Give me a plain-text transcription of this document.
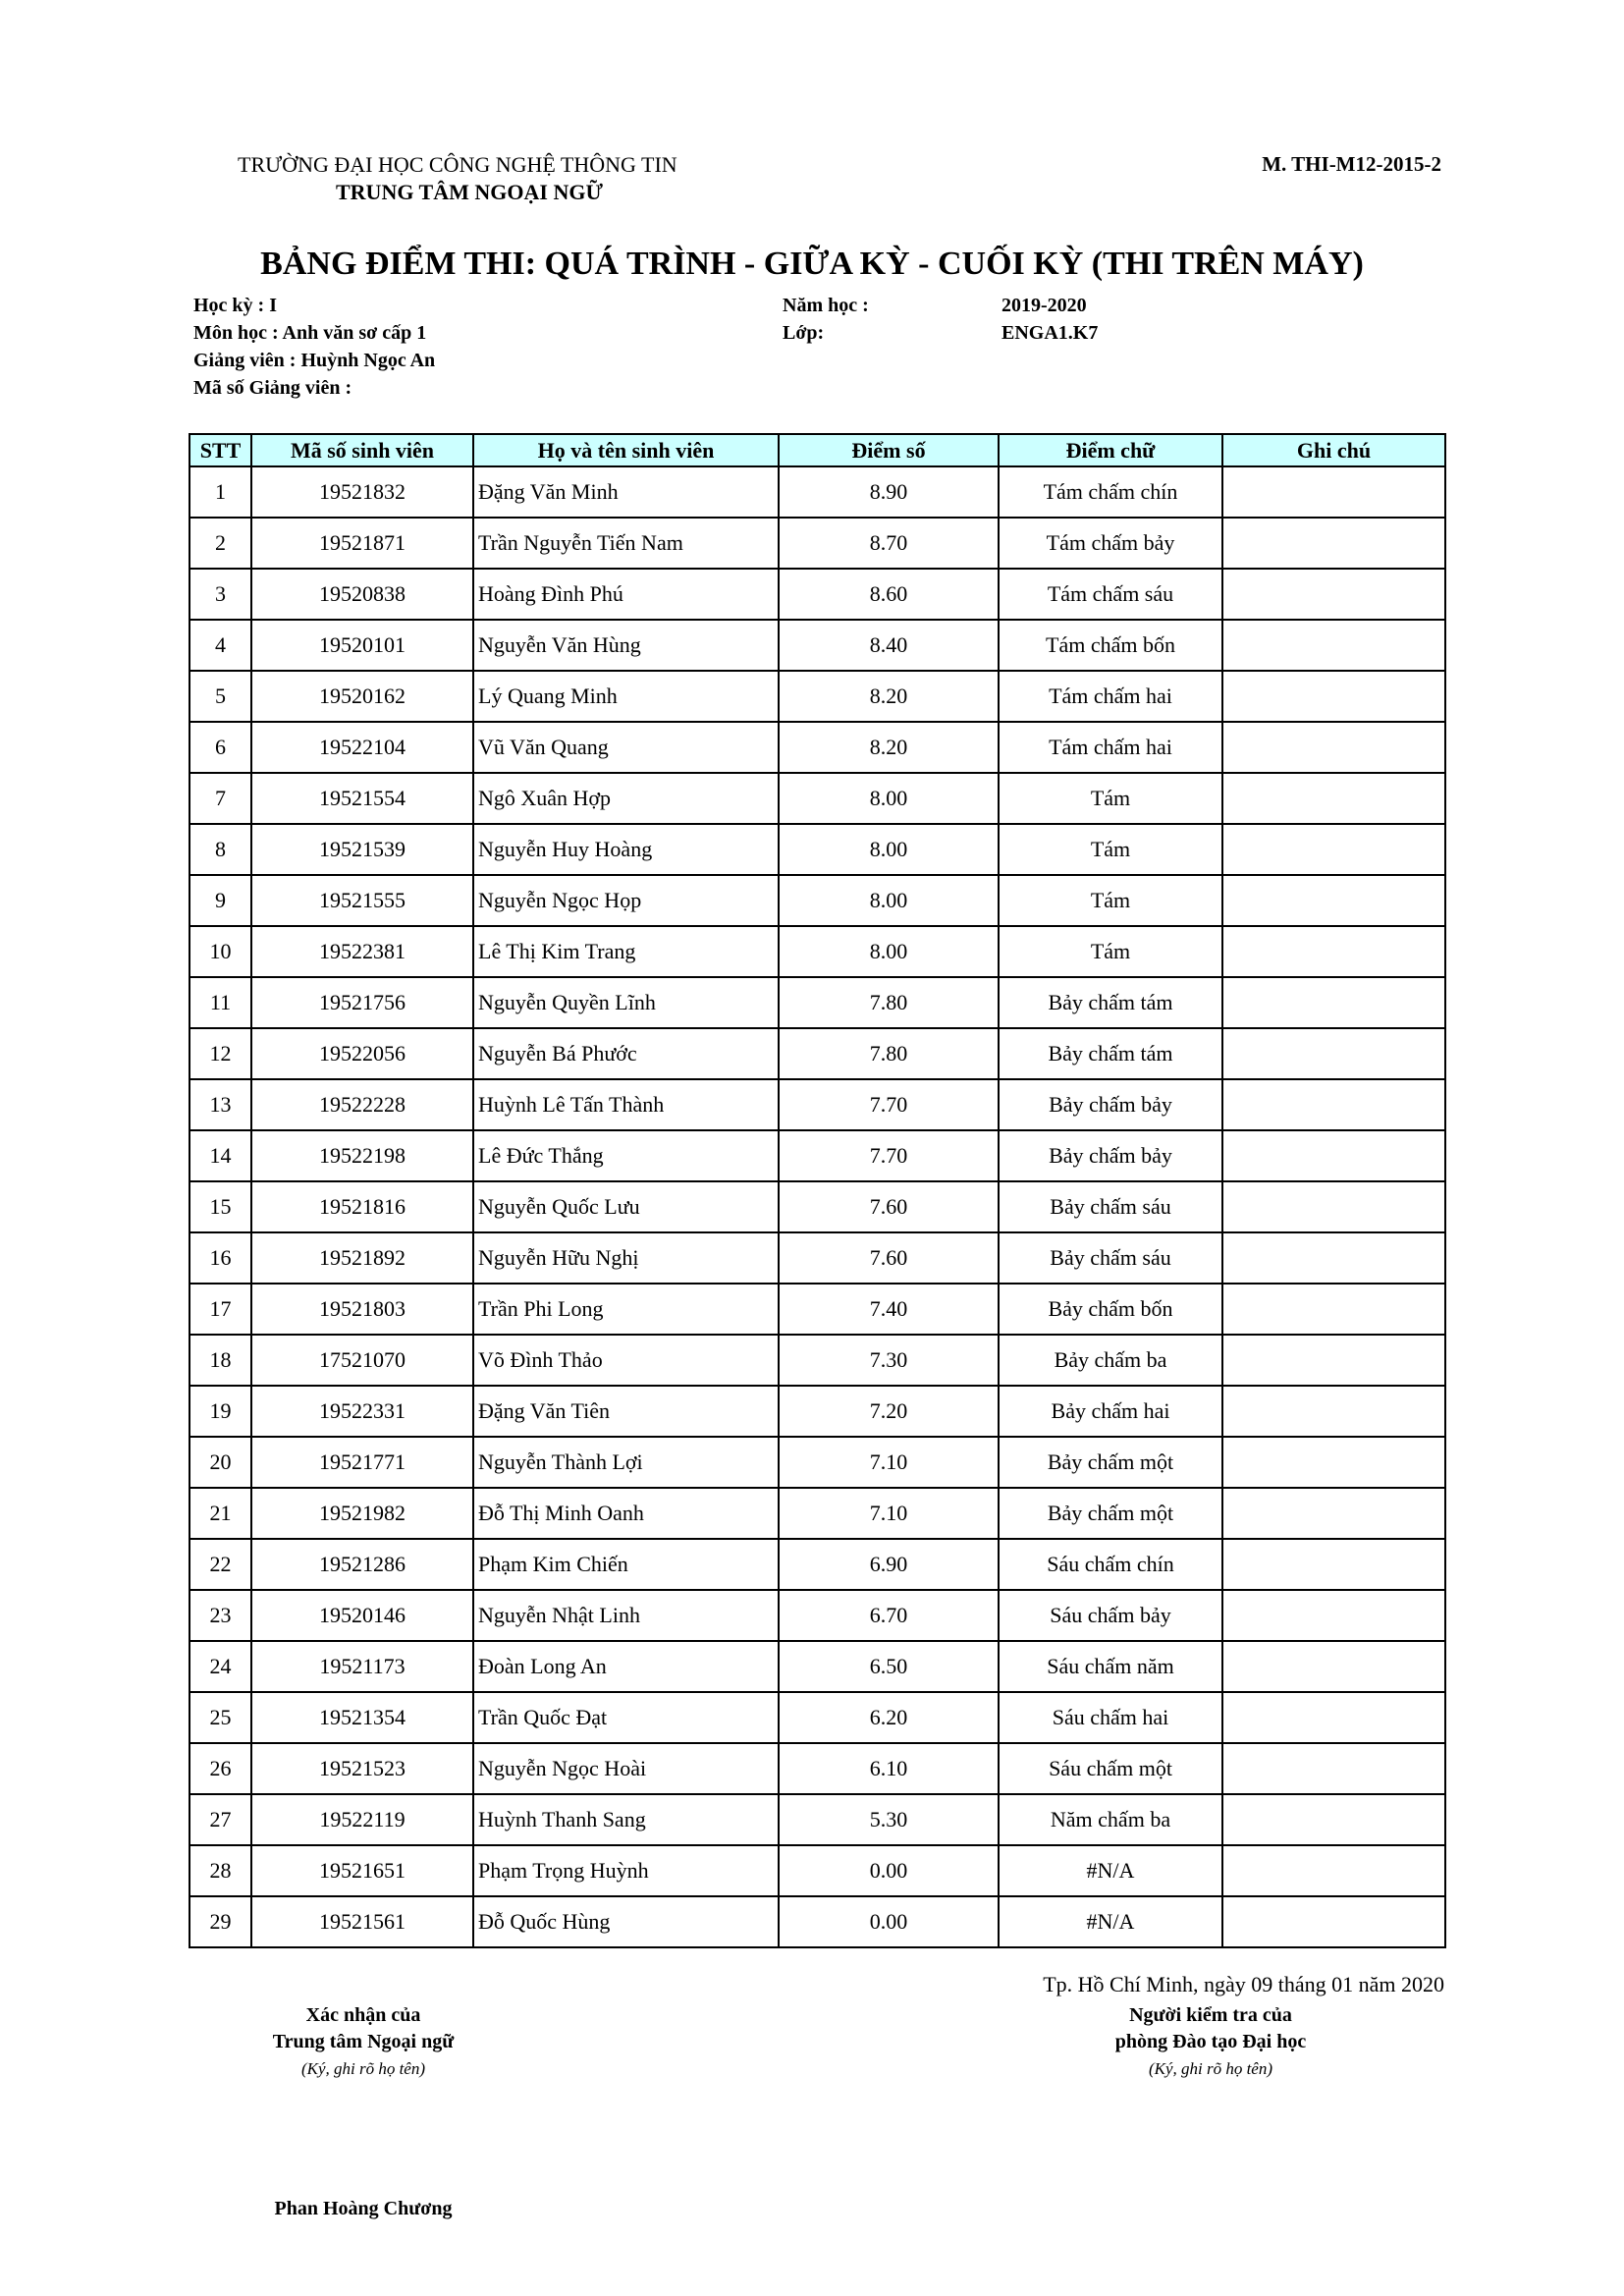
TRƯỜNG ĐẠI HỌC CÔNG NGHỆ THÔNG TIN
TRUNG TÂM NGOẠI NGỮ
M. THI-M12-2015-2
BẢNG ĐIỂM THI: QUÁ TRÌNH - GIỮA KỲ - CUỐI KỲ (THI TRÊN MÁY)
Học kỳ : I
Môn học : Anh văn sơ cấp 1
Giảng viên : Huỳnh Ngọc An
Mã số Giảng viên :
Năm học :	2019-2020
Lớp:	ENGA1.K7
STT	Mã số sinh viên	Họ và tên sinh viên	Điểm số	Điểm chữ	Ghi chú
1	19521832	Đặng Văn Minh	8.90	Tám chấm chín	
2	19521871	Trần Nguyễn Tiến Nam	8.70	Tám chấm bảy	
3	19520838	Hoàng Đình Phú	8.60	Tám chấm sáu	
4	19520101	Nguyễn Văn Hùng	8.40	Tám chấm bốn	
5	19520162	Lý Quang Minh	8.20	Tám chấm hai	
6	19522104	Vũ Văn Quang	8.20	Tám chấm hai	
7	19521554	Ngô Xuân Hợp	8.00	Tám	
8	19521539	Nguyễn Huy Hoàng	8.00	Tám	
9	19521555	Nguyễn Ngọc Họp	8.00	Tám	
10	19522381	Lê Thị Kim Trang	8.00	Tám	
11	19521756	Nguyễn Quyền Lĩnh	7.80	Bảy chấm tám	
12	19522056	Nguyễn Bá Phước	7.80	Bảy chấm tám	
13	19522228	Huỳnh Lê Tấn Thành	7.70	Bảy chấm bảy	
14	19522198	Lê Đức Thắng	7.70	Bảy chấm bảy	
15	19521816	Nguyễn Quốc Lưu	7.60	Bảy chấm sáu	
16	19521892	Nguyễn Hữu Nghị	7.60	Bảy chấm sáu	
17	19521803	Trần Phi Long	7.40	Bảy chấm bốn	
18	17521070	Võ Đình Thảo	7.30	Bảy chấm ba	
19	19522331	Đặng Văn Tiên	7.20	Bảy chấm hai	
20	19521771	Nguyễn Thành Lợi	7.10	Bảy chấm một	
21	19521982	Đỗ Thị Minh Oanh	7.10	Bảy chấm một	
22	19521286	Phạm Kim Chiến	6.90	Sáu chấm chín	
23	19520146	Nguyễn Nhật Linh	6.70	Sáu chấm bảy	
24	19521173	Đoàn Long An	6.50	Sáu chấm năm	
25	19521354	Trần Quốc Đạt	6.20	Sáu chấm hai	
26	19521523	Nguyễn Ngọc Hoài	6.10	Sáu chấm một	
27	19522119	Huỳnh Thanh Sang	5.30	Năm chấm ba	
28	19521651	Phạm Trọng Huỳnh	0.00	#N/A	
29	19521561	Đỗ Quốc Hùng	0.00	#N/A	
Tp. Hồ Chí Minh, ngày 09 tháng 01 năm 2020
Xác nhận của
Trung tâm Ngoại ngữ
(Ký, ghi rõ họ tên)
Phan Hoàng Chương
Người kiểm tra của
phòng Đào tạo Đại học
(Ký, ghi rõ họ tên)
